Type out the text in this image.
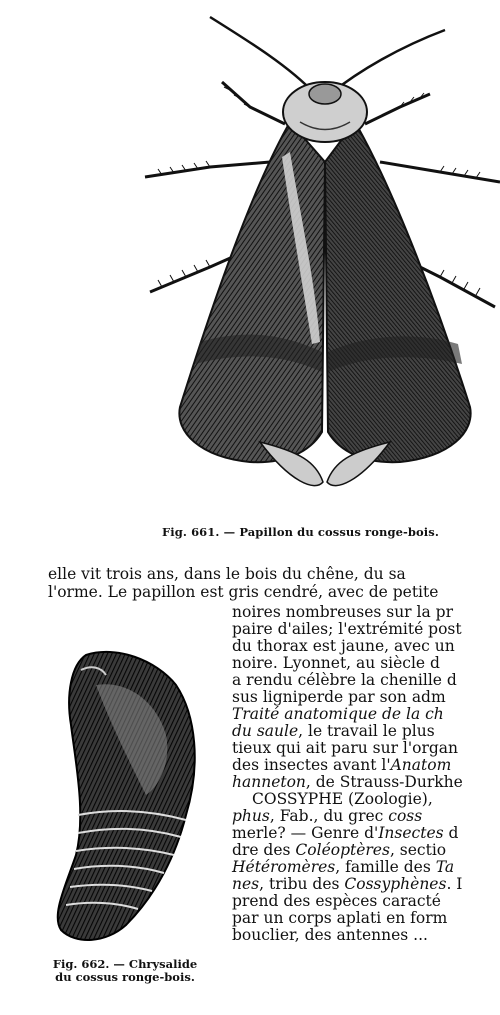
Fig. 661. — Papillon du cossus ronge-bois.
elle vit trois ans, dans le bois du chêne, du sa
l'orme. Le papillon est gris cendré, avec de petite
noires nombreuses sur la pr
paire d'ailes; l'extrémité post
du thorax est jaune, avec un
noire. Lyonnet, au siècle d
a rendu célèbre la chenille d
sus ligniperde par son adm
Traité anatomique de la ch
du saule, le travail le plus
tieux qui ait paru sur l'organ
des insectes avant l'Anatom
hanneton, de Strauss-Durkhe
COSSYPHE (Zoologie),
phus, Fab., du grec coss
merle? — Genre d'Insectes d
dre des Coléoptères, sectio
Hétéromères, famille des Ta
nes, tribu des Cossyphènes. I
prend des espèces caracté
par un corps aplati en form
bouclier, des antennes ...
Fig. 662. — Chrysalide
du cossus ronge-bois.
